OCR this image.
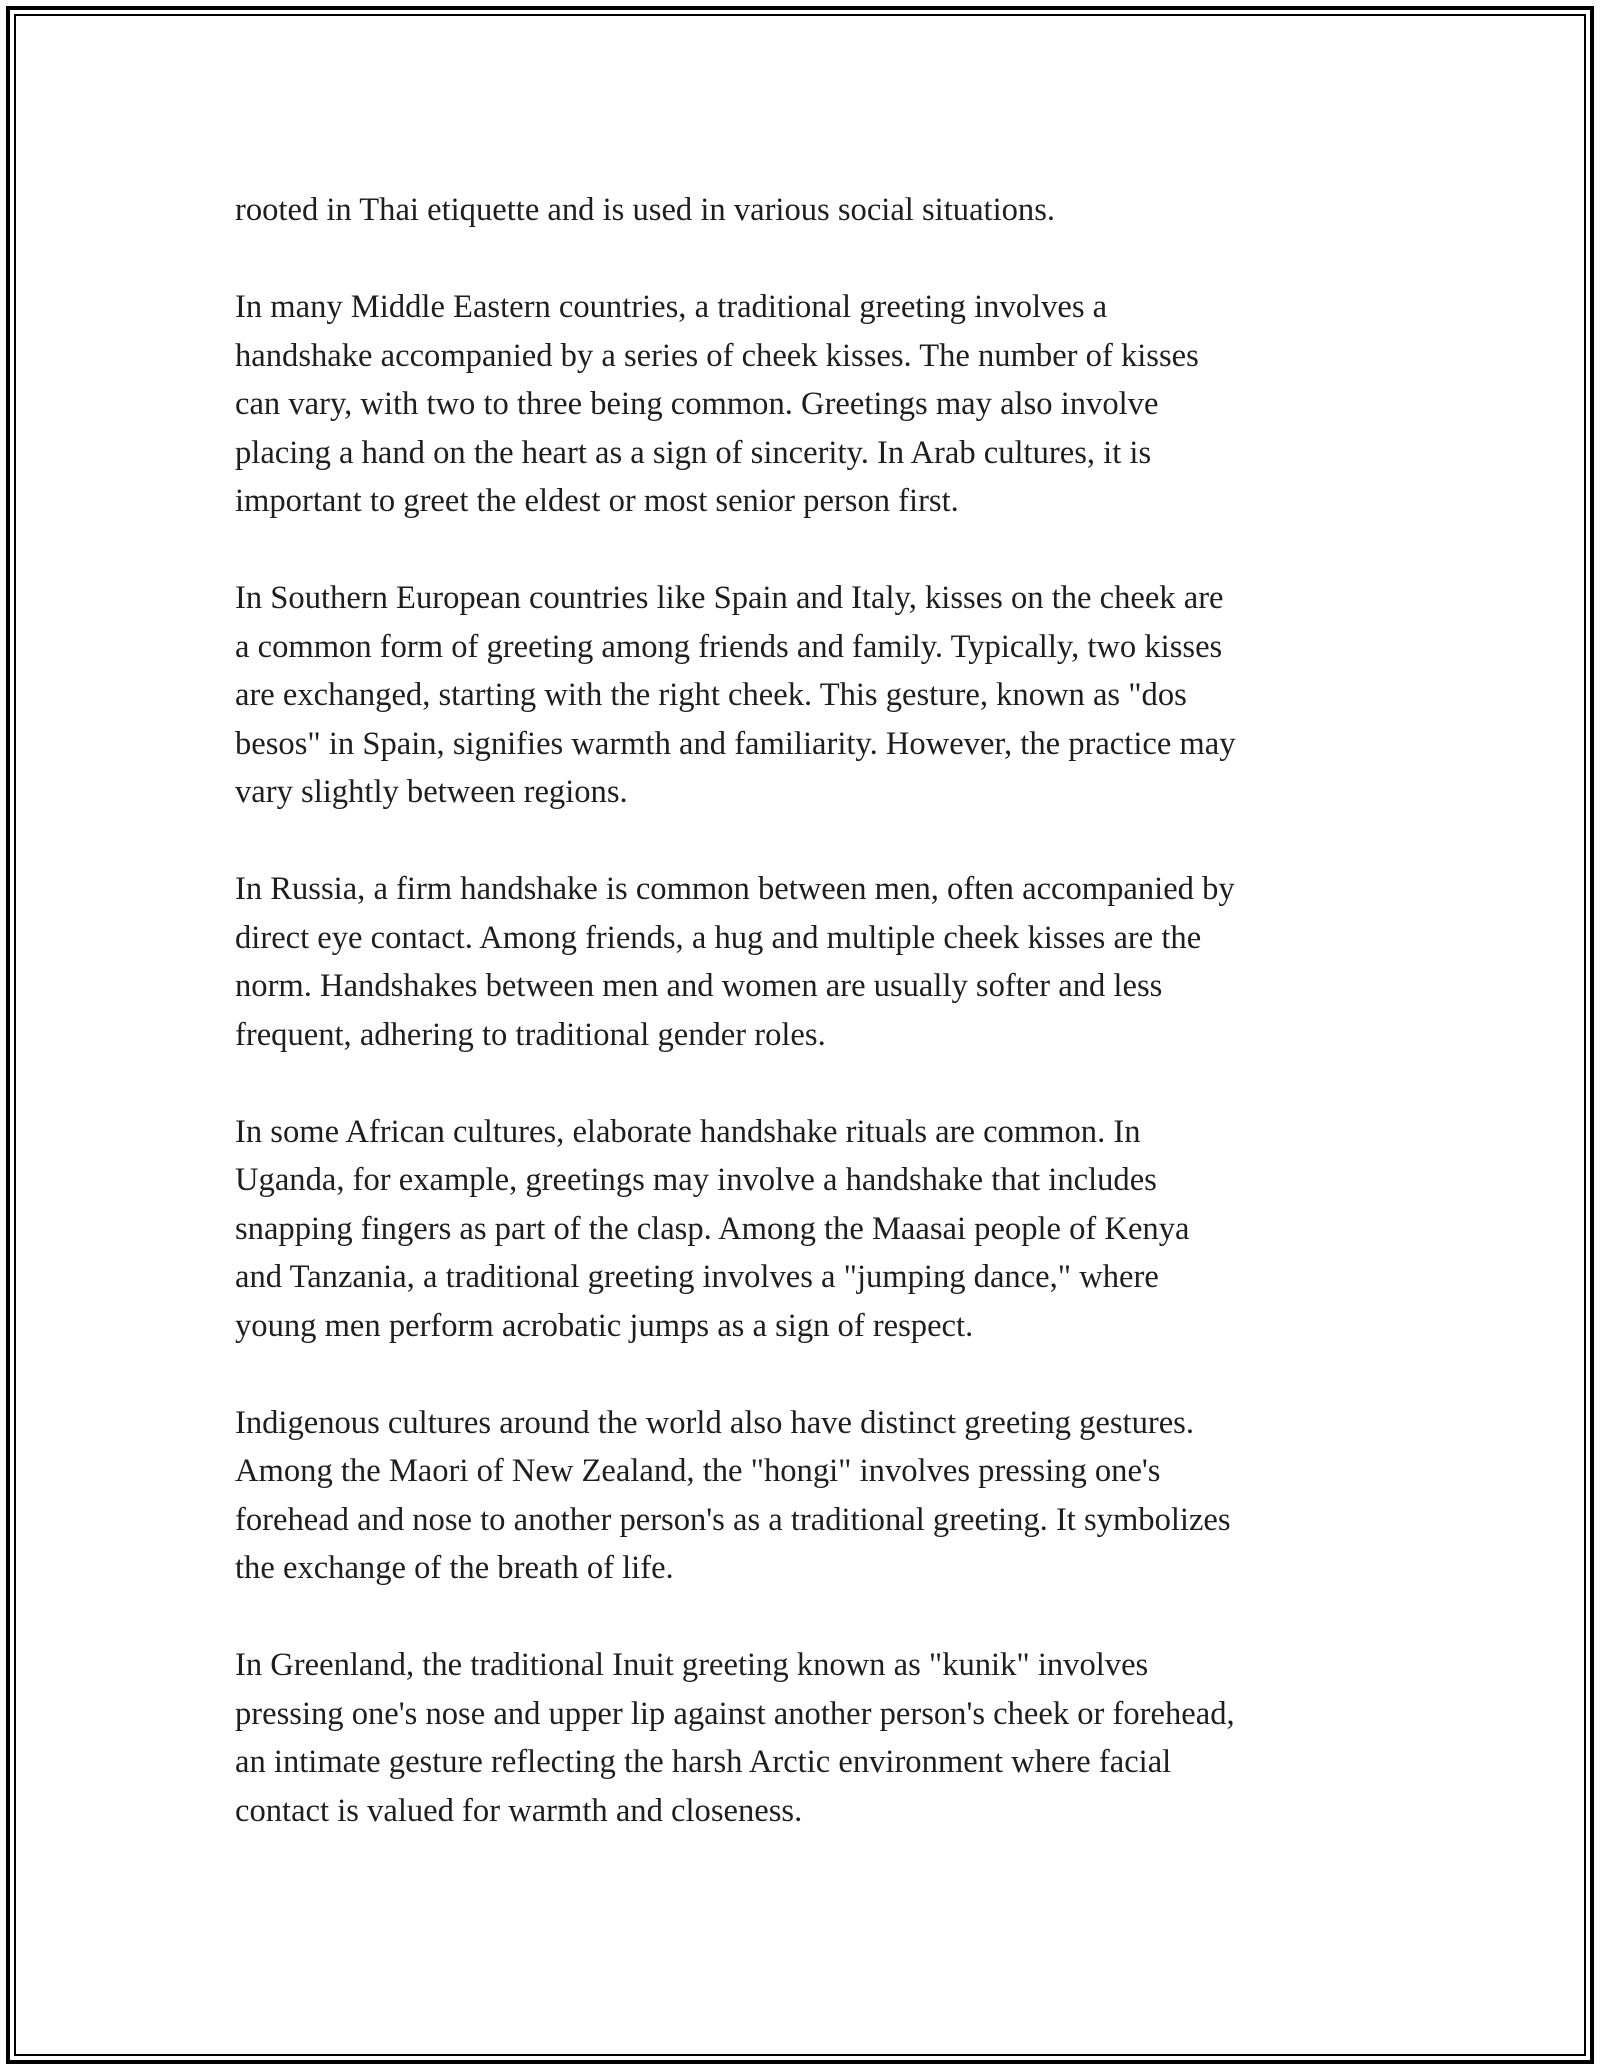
rooted in Thai etiquette and is used in various social situations.

In many Middle Eastern countries, a traditional greeting involves a
handshake accompanied by a series of cheek kisses. The number of kisses
can vary, with two to three being common. Greetings may also involve
placing a hand on the heart as a sign of sincerity. In Arab cultures, it is
important to greet the eldest or most senior person first.

In Southern European countries like Spain and Italy, kisses on the cheek are
a common form of greeting among friends and family. Typically, two kisses
are exchanged, starting with the right cheek. This gesture, known as "dos
besos" in Spain, signifies warmth and familiarity. However, the practice may
vary slightly between regions.

In Russia, a firm handshake is common between men, often accompanied by
direct eye contact. Among friends, a hug and multiple cheek kisses are the
norm. Handshakes between men and women are usually softer and less
frequent, adhering to traditional gender roles.

In some African cultures, elaborate handshake rituals are common. In
Uganda, for example, greetings may involve a handshake that includes
snapping fingers as part of the clasp. Among the Maasai people of Kenya
and Tanzania, a traditional greeting involves a "jumping dance," where
young men perform acrobatic jumps as a sign of respect.

Indigenous cultures around the world also have distinct greeting gestures.
Among the Maori of New Zealand, the "hongi" involves pressing one's
forehead and nose to another person's as a traditional greeting. It symbolizes
the exchange of the breath of life.

In Greenland, the traditional Inuit greeting known as "kunik" involves
pressing one's nose and upper lip against another person's cheek or forehead,
an intimate gesture reflecting the harsh Arctic environment where facial
contact is valued for warmth and closeness.
